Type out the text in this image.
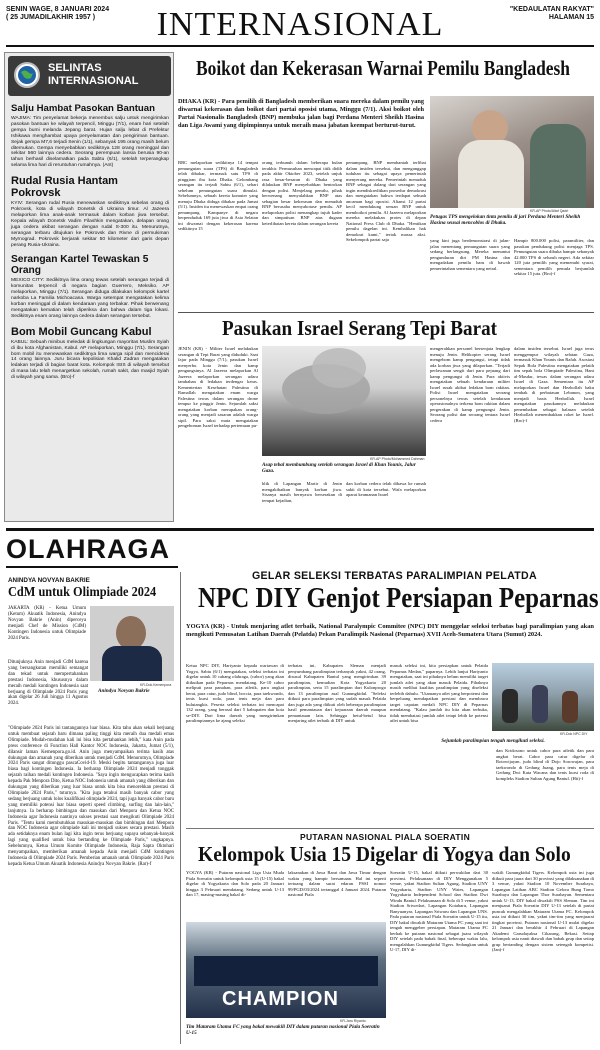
SENIN WAGE, 8 JANUARI 2024
( 25 JUMADILAKHIR 1957 )	INTERNASIONAL	"KEDAULATAN RAKYAT"
HALAMAN 15
SELINTAS
INTERNASIONAL
Salju Hambat Pasokan Bantuan
WAJIMA: Tim penyelamat bekerja menembus salju untuk mengirimkan pasokan bantuan ke wilayah terpencil, Minggu (7/1), enam hari setelah gempa bumi melanda Jepang barat. Hujan salju lebat di Prefektur Ishikawa menghambat upaya penyelamatan dan pengiriman bantuan. Sejak gempa M7,6 terjadi Senin (1/1), sebanyak 195 orang masih belum ditemukan. Gempa menyebabkan sedikitnya 128 orang meninggal dan sekitar 560 lainnya cedera. Seorang perempuan lansia berusia 90-an tahun berhasil diselamatkan pada Sabtu (6/1), setelah terperangkap selama lima hari di reruntuhan rumahnya. (Ant)
Rudal Rusia Hantam Pokrovsk
KYIV: Serangan rudal Rusia menewaskan sedikitnya sebelas orang di Pokrovsk, kota di wilayah Donetsk di Ukraina timur. Al Jazeera melaporkan lima anak-anak termasuk dalam korban jiwa tersebut. Kepala wilayah Donetsk Vadim Filashkin mengatakan, delapan orang juga cedera akibat serangan dengan rudal S-300 itu. Menurutnya, serangan terbaru ditujukan ke Pokrovsk dan Rivne di permukiman Myrnograd. Pokrovsk berjarak sekitar 50 kilometer dari garis depan perang Rusia-Ukraina.
Serangan Kartel Tewaskan 5 Orang
MEXICO CITY: Sedikitnya lima orang tewas setelah serangan terjadi di komunitas terpencil di negara bagian Guerrero, Meksiko. AP melaporkan, Minggu (7/1). Serangan diduga dilakukan kelompok kartel narkoba La Familia Michoacana. Warga setempat mengatakan kelima korban meninggal di dalam kendaraan yang terbakar. Pihak berwenang mengatakan kematian telah diperiksa dan bahwa dalam tiga lokasi. Sedikitnya enam orang lainnya cedera dalam serangan tersebut.
Bom Mobil Guncang Kabul
KABUL: Sebuah minibus meledak di lingkungan mayoritas Muslim Syiah di ibu kota Afghanistan, Kabul. AP melaporkan, Minggu (7/1). Serangan bom mobil itu menewaskan sedikitnya lima warga sipil dan menciderai 14 orang lainnya. Juru bicara kepolisian Khalid Zadran mengatakan ledakan terjadi di bagian barat kota. Kelompok ISIS di wilayah tersebut di masa lalu telah menargetkan sekolah, rumah sakit, dan masjid Syiah di wilayah yang sama. (Bro)-f
Boikot dan Kekerasan Warnai Pemilu Bangladesh
DHAKA (KR) - Para pemilih di Bangladesh memberikan suara mereka dalam pemilu yang diwarnai kekerasan dan boikot dari partai oposisi utama, Minggu (7/1). Aksi boikot oleh Partai Nasionalis Bangladesh (BNP) membuka jalan bagi Perdana Menteri Sheikh Hasina dan Liga Awami yang dipimpinnya untuk meraih masa jabatan keempat berturut-turut.
BBC melaporkan sedikitnya 14 tempat pemungutan suara (TPS) di Bangladesh telah dibakar, termasuk satu TPS di pinggiran ibu kota Dhaka. Gelombang serangan itu terjadi Sabtu (6/1), sehari sebelum pemungutan suara dimulai. Sebelumnya, sebuah kereta komuter yang menuju Dhaka diduga dibakar pada Jumat (5/1). Insiden itu menewaskan empat orang penumpang. Kampanye di negara berpenduduk 169 juta jiwa di Asia Selatan ini diwarnai dengan kekerasan karena sedikitnya 15
orang terbunuh dalam beberapa bulan terakhir. Permusuhan mencapai titik didih pada akhir Oktober 2023, setelah unjuk rasa besar-besaran di Dhaka yang dilakukan BNP menyebabkan bentrokan dengan polisi. Menjelang pemilu, pihak berwenang menyalahkan BNP atas sebagian besar kekerasan dan menuduh BNP berusaha menyabotase pemilu. AP melaporkan polisi menangkap tujuh kader dan simpatisan BNP atas dugaan keterlibatan kereta dalam serangan kereta
penumpang. BNP membantah terlibat dalam insiden tersebut, dan menganggap tuduhan itu sebagai upaya pemerintah menyerang mereka. Pemerintah menuduh BNP sebagai dalang dari serangan yang ingin mendiskreditkan prosedur demokrasi dan mengatakan bahwa terdapat sebuah ancaman bagi oposisi. Aliansi 12 partai kecil mendukung seruan BNP untuk memboikot pemilu. Al Jazeera melaporkan mereka melakukan protes di depan National Press Club di Dhaka. "Hentikan pemilu dagelan ini. Kembalikan hak demokrat kami," teriak massa aksi. Sekelompok partai saja
KR-AP Photo/Altaf Qadri
Petugas TPS mengelokan tinta pemilu di jari Perdana Menteri Sheikh Hasina seusai mencoblos di Dhaka.
yang kini juga berdemonstrasi di jalan-jalan menentang pemungutan suara yang sedang berlangsung. Mereka menuntut pengunduran diri PM Hasina dan mengadakan pemilu baru di bawah pemerintahan sementara yang netral.
Hampir 800.000 polisi, paramiliter, dan pasukan pendukung polisi menjaga TPS. Pemungutan suara dibuka hampir sebanyak 42.000 TPS di seluruh negeri. Ada sekitar 120 juta pemilih yang memenuhi syarat, sementara pemilih pemula berjumlah sekitar 15 juta. (Bro)-f
Pasukan Israel Serang Tepi Barat
JENIN (KR) - Militer Israel melakukan serangan di Tepi Barat yang diduduki. Saat fajar pada Minggu (7/1), pasukan Israel menyerbu kota Jenin dan kamp pengungsinya. Al Jazeera melaporkan Al Jazeera melaporkan serangan udara tambahan di ledakan terdengar keras. Kementerian Kesehatan Palestina di Ramallah mengatakan enam warga Palestina tewas dalam serangan drone tempur ke pinggir Jenin. Sejumlah saksi mengatakan korban merupakan orang-orang yang menjadi sasaran adalah warga sipil. Para saksi mata mengatakan pengeboman Israel terhadap pertemuan pu-
KR-AP Photo/Mohammed Dahman
Asap tebal membumbung setelah serangan Israel di Khan Younis, Jalur Gaza.
blik di Lapangan Martir di Jenin mengakibatkan banyak korban jiwa. Sisanya masih bernyawa berserakan di tempat kejadian,
dan korban cedera telah dibawa ke rumah sakit di kota tersebut. Wafa melaporkan aparat keamanan Israel
mengerahkan personel bersenjata lengkap menuju Jenin. Helikopter serang Israel mengebom kamp pengungsi, tetapi tidak ada korban jiwa yang dilaporkan. "Terjadi perlawanan sengit dari para pejuang dari kamp pengungsi di Jenin. Para aktivis mengatakan sebuah kendaraan militer Israel rusak akibat ledakan bom rakitan. Polisi Israel mengatakan seorang personelnya tewas setelah kendaraan operasionalnya terkena bom rakitan dalam pergerakan di kamp pengungsi Jenin. Seorang polisi dan seorang tentara Israel cedera
dalam insiden tersebut. Israel juga terus menggempur wilayah selatan Gaza, termasuk Khan Younis dan Rafah. Asosiasi Sepak Bola Palestina mengatakan pelatih tim sepak bola Olimpiade Palestina, Hani al-Masdar, tewas dalam serangan udara Israel di Gaza. Sementara itu AP melaporkan Israel dan Hezbollah baku tembak di perbatasan Lebanon, yang menjadi basis Hezbollah. Israel mengatakan pasukannya melakukan penembakan sebagai balasan setelah Hezbollah menembakkan roket ke Israel. (Bro)-f
OLAHRAGA
ANINDYA NOVYAN BAKRIE
CdM untuk Olimpiade 2024
JAKARTA (KR) - Ketua Umum (Ketum) Akuatik Indonesia, Anindya Novyan Bakrie (Anin) diperceya menjadi Chef de Mission (CdM) Kontingen Indonesia untuk Olimpiade 2024 Paris.
KR-Dok.Kemenpora
Anindya Novyan Bakrie
Ditunjuknya Anin menjadi CdM karena yang bersangkutan memiliki semangat dan tekad untuk mempertahankan prestasi Indonesia, khususnya dalam meraih medali kontingen Indonesia saat berjuang di Olimpiade 2024 Paris yang akan digelar 26 Juli hingga 11 Agustus 2024.
"Olimpiade 2024 Paris ini tantangannya luar biasa. Kita tahu akan sekali berjuang untuk membuat sejarah baru dimana paling tinggi kita meraih dua medali emas Olimpiade. Mudah-mudahan kali ini bisa kita pertahankan lebih," kata Anin pada press conference di Function Hall Kantor NOC Indonesia, Jakarta, Jumat (5/1), dilansir laman Kemenpora.go.id. Anin juga menyampaikan terima kasih atas dukungan dan amanah yang diberikan untuk menjadi CdM. Menurutnya, Olimpiade 2024 Paris sangat ditunggu pascaCovid-19. Meski begitu tantangannya juga luar biasa bagi kontingen Indonesia. Ia berharap Olimpiade 2024 menjadi tonggak sejarah raihan medali kontingen Indonesia. "Saya ingin mengucapkan terima kasih kepada Pak Menpora Dito, Ketua NOC Indonesia untuk amanah yang diberikan dan dukungan yang diberikan yang luar biasa untuk kita bisa menorehkan prestasi di Olimpiade 2024 Paris," tuturnya. "Kita juga tetahui masih banyak cabor yang sedang berjuang untuk lolos kualifikasi olimpiade 2024, tapi juga banyak cabor baru yang memiliki potensi luar biasa seperti speed climbing, surfing dan lain-lain," lanjutnya. Ia berharap bimbingan dan masukan dari Menpora dan Ketua NOC Indonesia agar Indonesia nantinya sukses prestasi saat mengikuti Olimpiade 2024 Paris. "Tentu kami membutuhkan masukan-masukan dan bimbingan dari Menpora dan NOC Indonesia agar olimpiade kali ini menjadi sukses secara prestasi. Masih ada setidaknya enam bulan lagi kita ingin terus berjuang supaya sebanyak-banyak lagi yang qualified untuk bisa bertanding ke Olimpiade Paris," ungkapnya. Sebelumnya, Ketua Umum Komite Olimpiade Indonesia, Raja Sapta Oktohari menyampaikan, memberikan amanah kepada Anin menjadi CdM kontingen Indonesia di Olimpiade 2024 Paris. Pemberian amanah untuk Olimpiade 2024 Paris kepada Ketua Umum Akuatik Indonesia Anindya Novyan Bakrie. (Rar)-f
GELAR SELEKSI TERBATAS PARALIMPIAN PELATDA
NPC DIY Genjot Persiapan Peparnas
YOGYA (KR) - Untuk menjaring atlet terbaik, National Paralympic Commitee (NPC) DIY menggelar seleksi terbatas bagi paralimpian yang akan mengikuti Pemusatan Latihan Daerah (Pelatda) Pekan Paralimpik Nasional (Peparnas) XVII Aceh-Sumatera Utara (Sumut) 2024.
Ketua NPC DIY, Hariyanto kepada wartawan di Yogya, Sabtu (6/1) mengatakan, seleksi terbatas ini digelar untuk 10 cabang olahraga, (cabor) yang akan diikutkan pada Peparnas mendatang. Ke-10 cabor meliputi para panahan, para atletik, para angkat berat, para catur, judo blind, boccia, para taekwondo, tenis kursi roda, para tenis meja dan para bulutangkis. Peserta seleksi terbatas ini mencapai 132 orang, yang berasal dari 5 kabupaten dan kota se-DIY. Dari lima daerah yang mengirimkan paralimpiannya ke ajang seleksi
terbatas ini, Kabupaten Sleman menjadi penyumbang paralimpian terbanyak yakni, 42 orang, disusul Kabupaten Bantul yang mengirimkan 39 paralimpian, kemudian Kota Yogyakarta 20 paralimpian, serta 15 paralimpian dari Kulonprogo dan 13 paralimpian asal Gunungkidul. "Seleksi diikuti para paralimpian yang sudah masuk Pelatda dan juga ada yang diikuti oleh beberapa paralimpian hasil pemantauan dari kejuaraan daerah maupun pemantauan lain. Sehingga betul-betul bisa menjaring atlet terbaik di DIY untuk
masuk seleksi ini, kita persiapkan untuk Pelatda Peparnas Medan," paparnya. Lebih lanjut Hariyanto mengatakan, saat ini pihaknya belum memiliki target jumlah atlet yang akan masuk Pelatda. Pihaknya masih melihat kualitas paralimpian yang diseleksi terlebih dahulu. "Utamanya atlet yang berpotensi dan berpeluang mendapatkan prestasi dan membawa target capaian medali NPC DIY di Peparnas mendatang. "Kalau jumlah itu kita akan terbuka, tidak membatasi jumlah atlet tetapi lebih ke potensi atlet untuk bisa
KR-Dok NPC DIY
Sejumlah paralimpian tengah mengikuti seleksi.
dan Kridosono untuk cabor para atletik dan para angkat berat. Cabor para catur digelar di Rotowijayan, judo blind di Dojo Sorowajan, para taekwondo di Gedung Juang, para tenis meja di Gedung Dwi Kata Wacana dan tenis kursi roda di kompleks Stadion Sultan Agung Bantul. (Hit)-f
PUTARAN NASIONAL PIALA SOERATIN
Kelompok Usia 15 Digelar di Yogya dan Solo
YOGYA (KR) - Putaran nasional Liga Usia Muda Piala Soeratin untuk kelompok usia 15 (U-15) bakal digelar di Yogyakarta dan Solo pada 20 Januari hingga 3 Februari mendatang. Sedang untuk U-13 dan 17, masing-masing bakal di-
laksanakan di Jawa Barat dan Jawa Timur dengan waktu yang hampir bersamaan. Hal ini seperti tertuang dalam surat edaran PSSI nomor 99/PGD/03/2024 tertanggal 4 Januari 2024. Putaran nasional Piala
Soeratin U-15, bakal diikuti perwakilan dari 30 provinsi. Pelaksanaan di DIY Menggunakan 5 venue, yakni Stadion Sultan Agung, Stadion UNY Yogyakarta, Stadion UNY Wates, Lapangan Yogyakarta Independent School dan Stadion Dwi Windu Bantul. Pelaksanaan di Solo di 5 venue, yakni Stadion Sriwedari, Lapangan Kotabaru, Lapangan Banyuanyar, Lapangan Sriwaru dan Lapangan UNS. Pada putaran nasional Piala Soeratin untuk U-15 itu, DIY bakal diwakili Mataram Utama FC yang saat ini tengah menggeber persiapan. Mataram Utama FC berhak ke putaran nasional sebagai juara wilayah DIY setelah pada babak final, beberapa waktu lalu, mengalahkan Gunungkidul Tigers. Sedangkan untuk U-17, DIY di-
wakili Gunungkidul Tigers. Kelompok usia ini juga diikuti para juara dari 30 provinsi yang dilaksanakan di 3 venue, yakni Stadion 10 November Surabaya, Lapangan Latihan ABC Stadion Gelora Bung Tomo Surabaya dan Lapangan Thor Surabayan. Sementara untuk U-13, DIY bakal diwakili PSS Sleman. Tim ini menjuarai Piala Soeratin DIY U-13 setelah di partai puncak mengalahkan Mataram Utama FC. Kelompok usia ini diikuti 30 tim, yakni tim-tim yang menjuarai tingkat provinsi. Putaran nasional U-13 mulai digelar 21 Januari dan berakhir 4 Februari di Lapangan Akademi Garudayaksa Cikarang, Bekasi. Setiap kelompok usia nanti diawali dan babak grup dan setiap grup bertanding dengan sistem setengah kompetisi. (Jan)-f
CHAMPION
KR-Jaru Riyanto
Tim Mataram Utama FC yang bakal mewakili DIY dalam putaran nasional Piala Soeratin U-15
